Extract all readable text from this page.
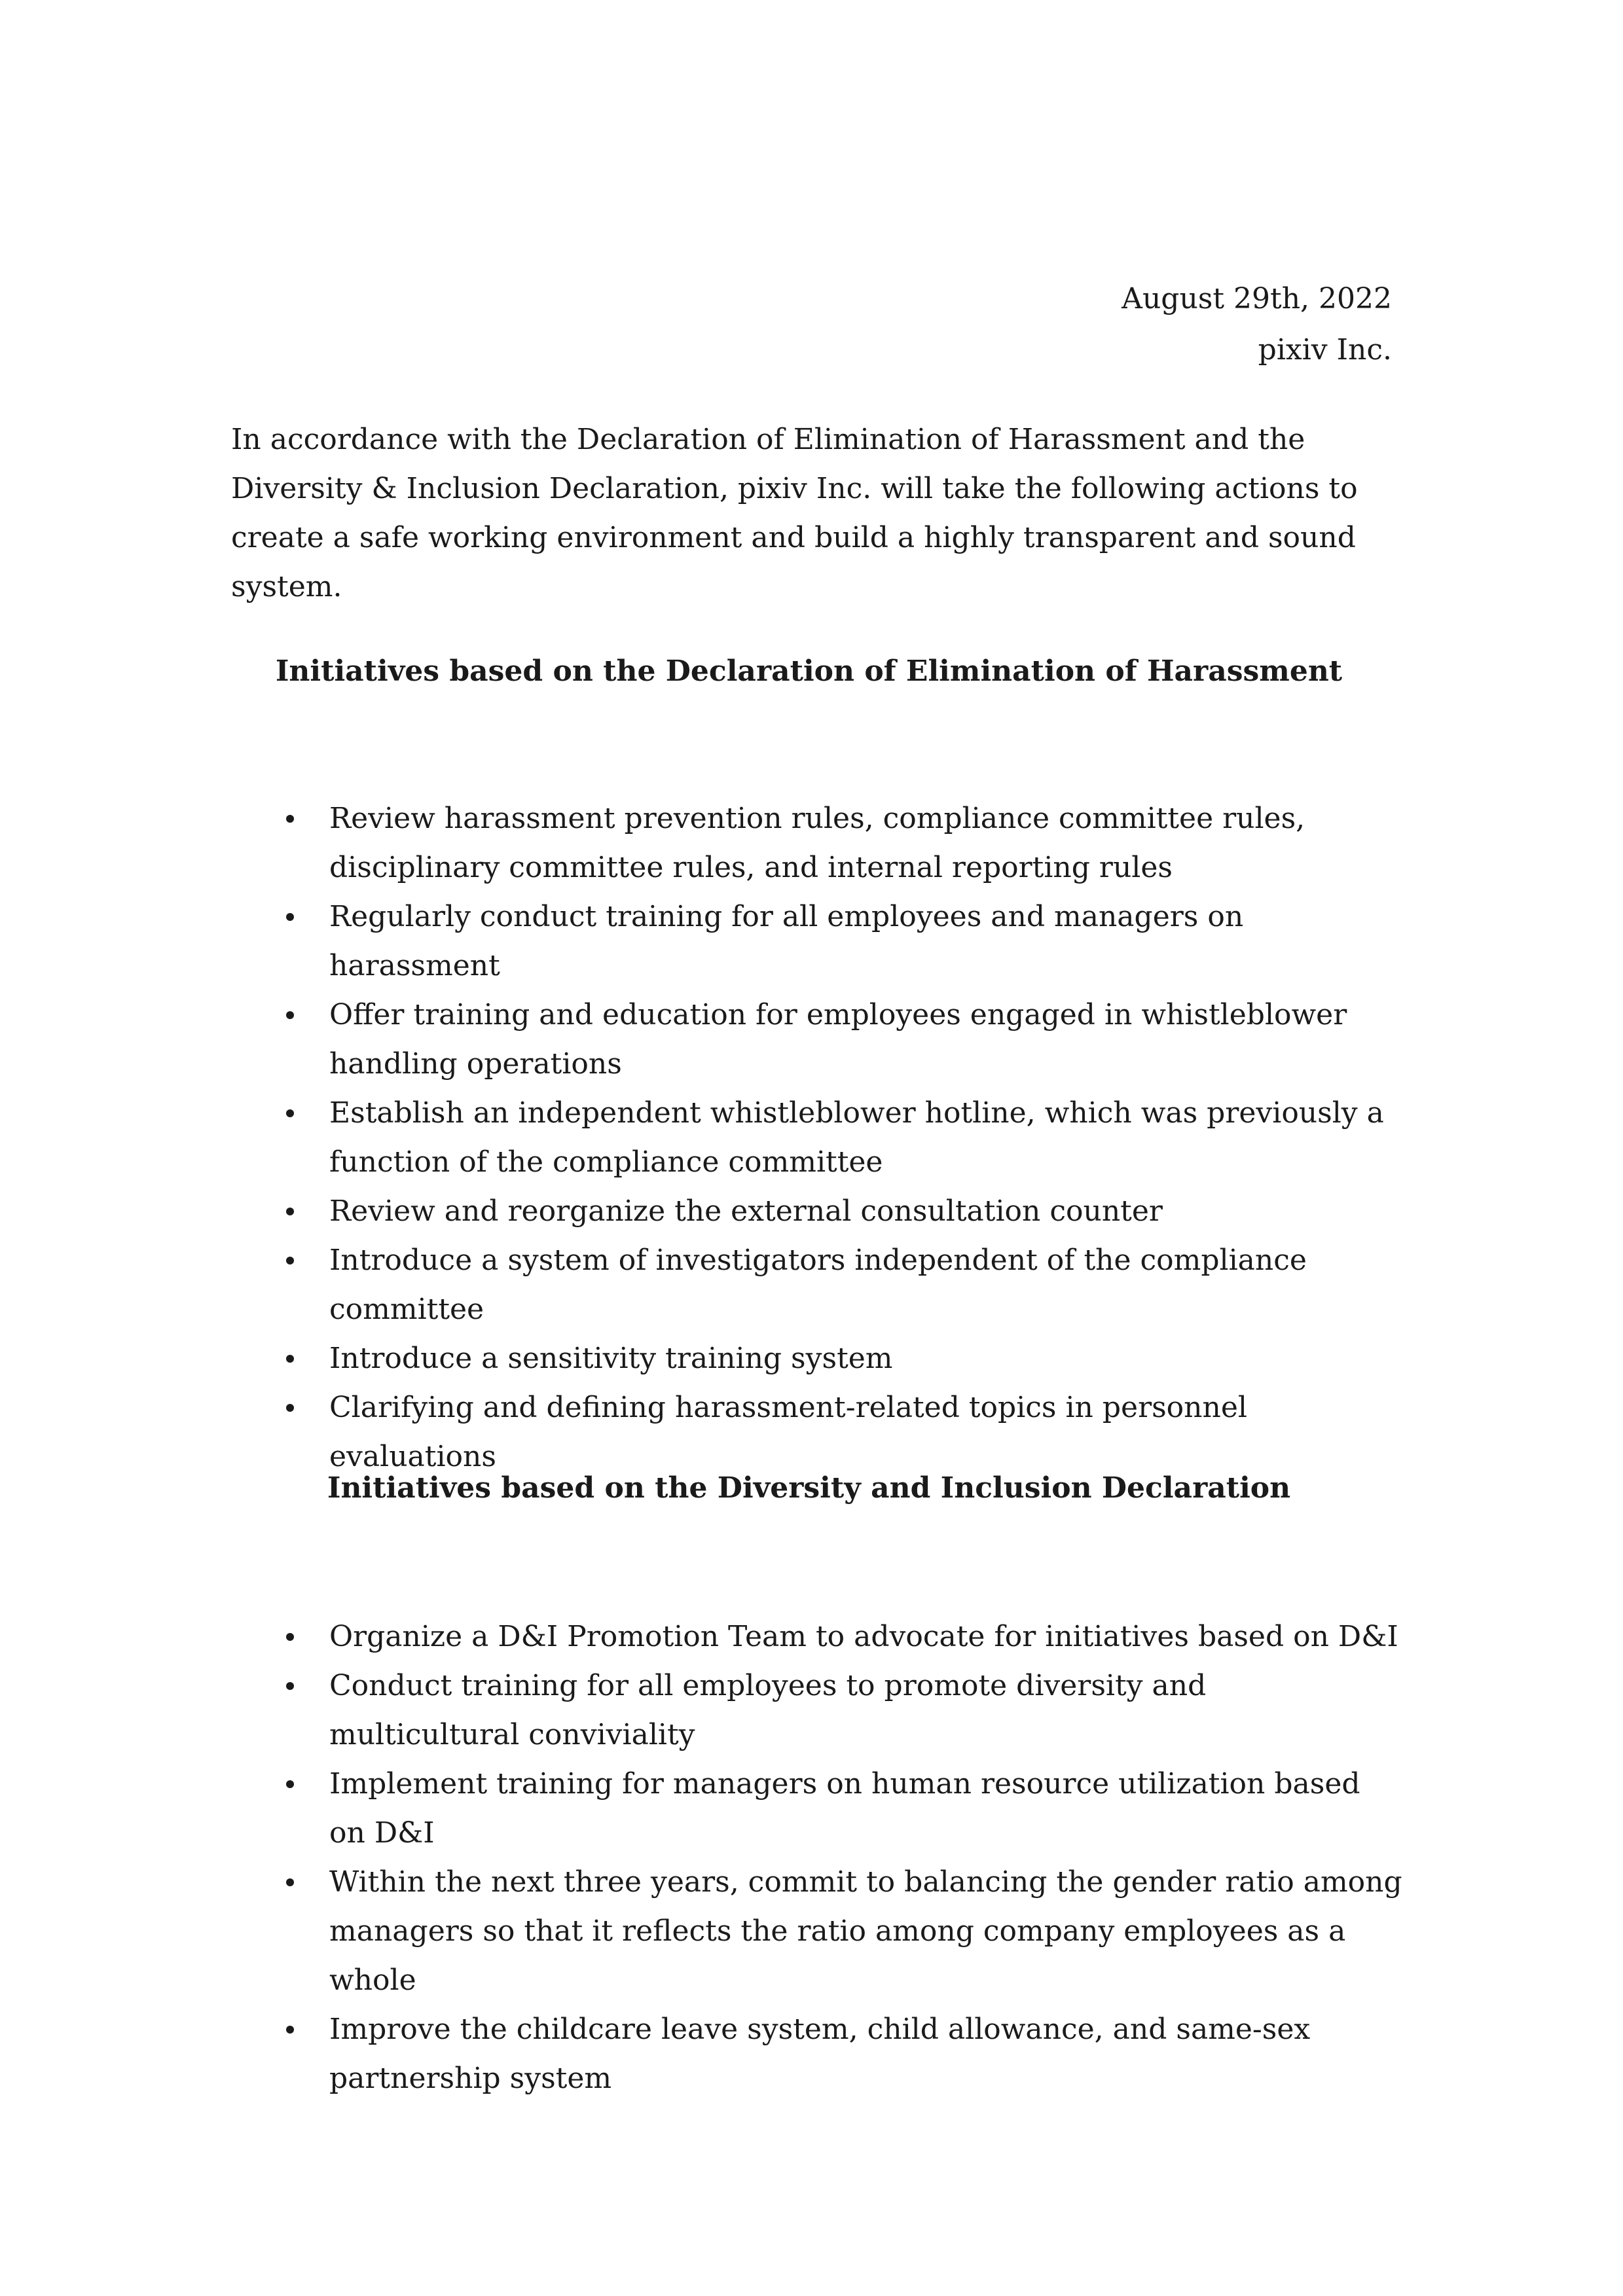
August 29th, 2022
pixiv Inc.

In accordance with the Declaration of Elimination of Harassment and the Diversity & Inclusion Declaration, pixiv Inc. will take the following actions to create a safe working environment and build a highly transparent and sound system.

Initiatives based on the Declaration of Elimination of Harassment
Review harassment prevention rules, compliance committee rules, disciplinary committee rules, and internal reporting rules
Regularly conduct training for all employees and managers on harassment
Offer training and education for employees engaged in whistleblower handling operations
Establish an independent whistleblower hotline, which was previously a function of the compliance committee
Review and reorganize the external consultation counter
Introduce a system of investigators independent of the compliance committee
Introduce a sensitivity training system
Clarifying and defining harassment-related topics in personnel evaluations
Initiatives based on the Diversity and Inclusion Declaration
Organize a D&I Promotion Team to advocate for initiatives based on D&I
Conduct training for all employees to promote diversity and multicultural conviviality
Implement training for managers on human resource utilization based on D&I
Within the next three years, commit to balancing the gender ratio among managers so that it reflects the ratio among company employees as a whole
Improve the childcare leave system, child allowance, and same-sex partnership system
